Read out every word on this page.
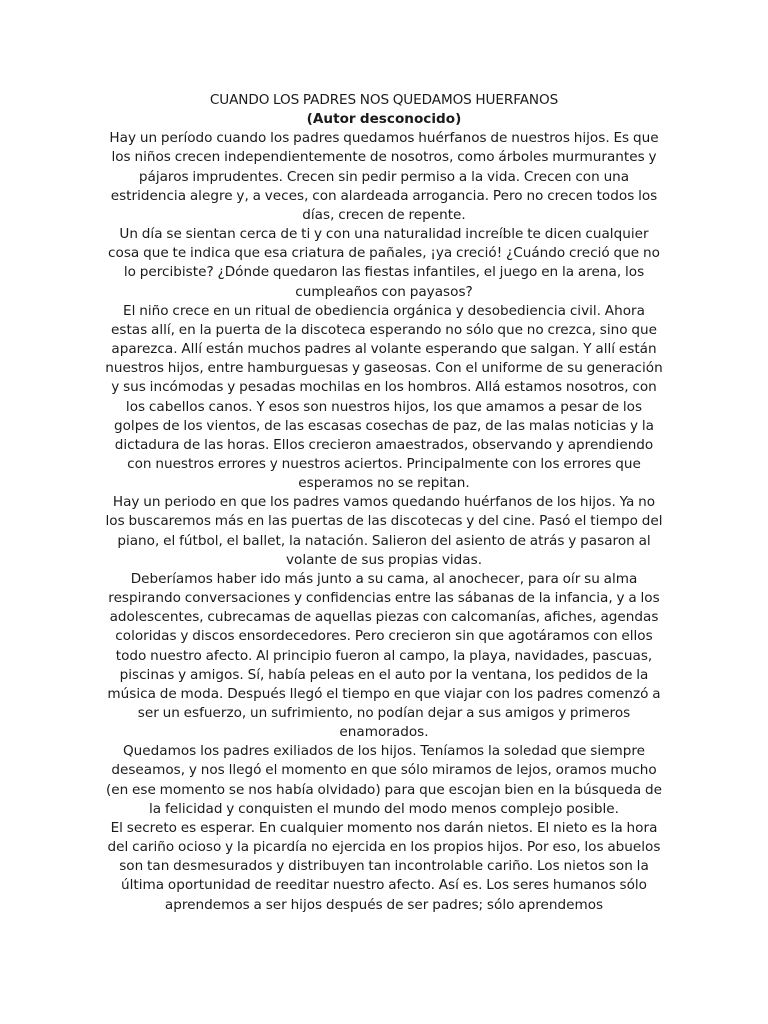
CUANDO LOS PADRES NOS QUEDAMOS HUERFANOS
(Autor desconocido)

Hay un período cuando los padres quedamos huérfanos de nuestros hijos. Es que los niños crecen independientemente de nosotros, como árboles murmurantes y pájaros imprudentes. Crecen sin pedir permiso a la vida. Crecen con una estridencia alegre y, a veces, con alardeada arrogancia. Pero no crecen todos los días, crecen de repente.

Un día se sientan cerca de ti y con una naturalidad increíble te dicen cualquier cosa que te indica que esa criatura de pañales, ¡ya creció! ¿Cuándo creció que no lo percibiste? ¿Dónde quedaron las fiestas infantiles, el juego en la arena, los cumpleaños con payasos?

El niño crece en un ritual de obediencia orgánica y desobediencia civil. Ahora estas allí, en la puerta de la discoteca esperando no sólo que no crezca, sino que aparezca. Allí están muchos padres al volante esperando que salgan. Y allí están nuestros hijos, entre hamburguesas y gaseosas. Con el uniforme de su generación y sus incómodas y pesadas mochilas en los hombros. Allá estamos nosotros, con los cabellos canos. Y esos son nuestros hijos, los que amamos a pesar de los golpes de los vientos, de las escasas cosechas de paz, de las malas noticias y la dictadura de las horas. Ellos crecieron amaestrados, observando y aprendiendo con nuestros errores y nuestros aciertos. Principalmente con los errores que esperamos no se repitan.

Hay un periodo en que los padres vamos quedando huérfanos de los hijos. Ya no los buscaremos más en las puertas de las discotecas y del cine. Pasó el tiempo del piano, el fútbol, el ballet, la natación. Salieron del asiento de atrás y pasaron al volante de sus propias vidas.

Deberíamos haber ido más junto a su cama, al anochecer, para oír su alma respirando conversaciones y confidencias entre las sábanas de la infancia, y a los adolescentes, cubrecamas de aquellas piezas con calcomanías, afiches, agendas coloridas y discos ensordecedores. Pero crecieron sin que agotáramos con ellos todo nuestro afecto. Al principio fueron al campo, la playa, navidades, pascuas, piscinas y amigos. Sí, había peleas en el auto por la ventana, los pedidos de la música de moda. Después llegó el tiempo en que viajar con los padres comenzó a ser un esfuerzo, un sufrimiento, no podían dejar a sus amigos y primeros enamorados.

Quedamos los padres exiliados de los hijos. Teníamos la soledad que siempre deseamos, y nos llegó el momento en que sólo miramos de lejos, oramos mucho (en ese momento se nos había olvidado) para que escojan bien en la búsqueda de la felicidad y conquisten el mundo del modo menos complejo posible.

El secreto es esperar. En cualquier momento nos darán nietos. El nieto es la hora del cariño ocioso y la picardía no ejercida en los propios hijos. Por eso, los abuelos son tan desmesurados y distribuyen tan incontrolable cariño. Los nietos son la última oportunidad de reeditar nuestro afecto. Así es. Los seres humanos sólo aprendemos a ser hijos después de ser padres; sólo aprendemos
